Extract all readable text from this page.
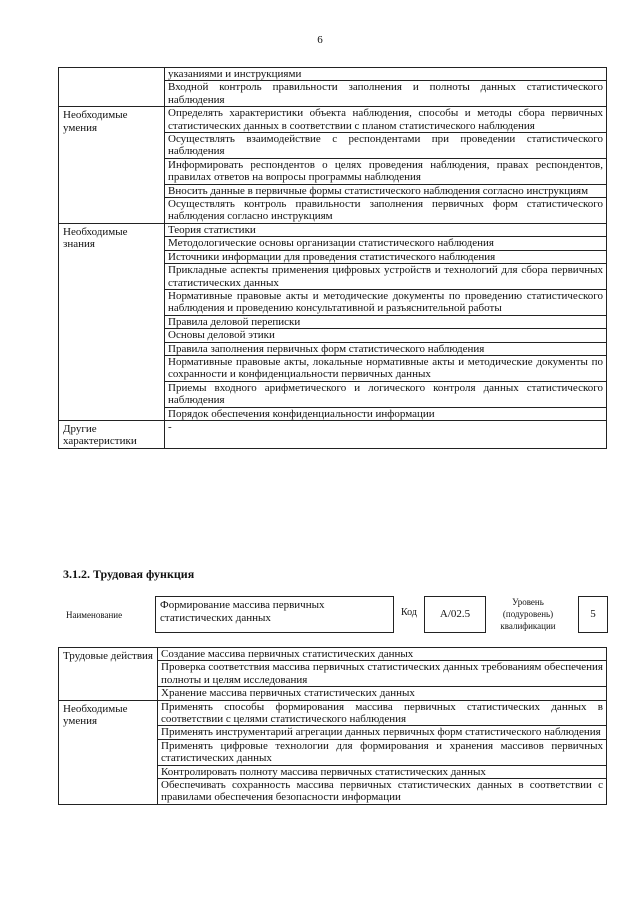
6
	указаниями и инструкциями
	Входной контроль правильности заполнения и полноты данных статистического наблюдения
Необходимые умения	Определять характеристики объекта наблюдения, способы и методы сбора первичных статистических данных в соответствии с планом статистического наблюдения
	Осуществлять взаимодействие с респондентами при проведении статистического наблюдения
	Информировать респондентов о целях проведения наблюдения, правах респондентов, правилах ответов на вопросы программы наблюдения
	Вносить данные в первичные формы статистического наблюдения согласно инструкциям
	Осуществлять контроль правильности заполнения первичных форм статистического наблюдения согласно инструкциям
Необходимые знания	Теория статистики
	Методологические основы организации статистического наблюдения
	Источники информации для проведения статистического наблюдения
	Прикладные аспекты применения цифровых устройств и технологий для сбора первичных статистических данных
	Нормативные правовые акты и методические документы по проведению статистического наблюдения и проведению консультативной и разъяснительной работы
	Правила деловой переписки
	Основы деловой этики
	Правила заполнения первичных форм статистического наблюдения
	Нормативные правовые акты, локальные нормативные акты и методические документы по сохранности и конфиденциальности первичных данных
	Приемы входного арифметического и логического контроля данных статистического наблюдения
	Порядок обеспечения конфиденциальности информации
Другие характеристики	-
3.1.2. Трудовая функция
Наименование
Формирование массива первичных статистических данных	Код	A/02.5
Уровень (подуровень) квалификации
5
Трудовые действия	Создание массива первичных статистических данных
	Проверка соответствия массива первичных статистических данных требованиям обеспечения полноты и целям исследования
	Хранение массива первичных статистических данных
Необходимые умения	Применять способы формирования массива первичных статистических данных в соответствии с целями статистического наблюдения
	Применять инструментарий агрегации данных первичных форм статистического наблюдения
	Применять цифровые технологии для формирования и хранения массивов первичных статистических данных
	Контролировать полноту массива первичных статистических данных
	Обеспечивать сохранность массива первичных статистических данных в соответствии с правилами обеспечения безопасности информации
